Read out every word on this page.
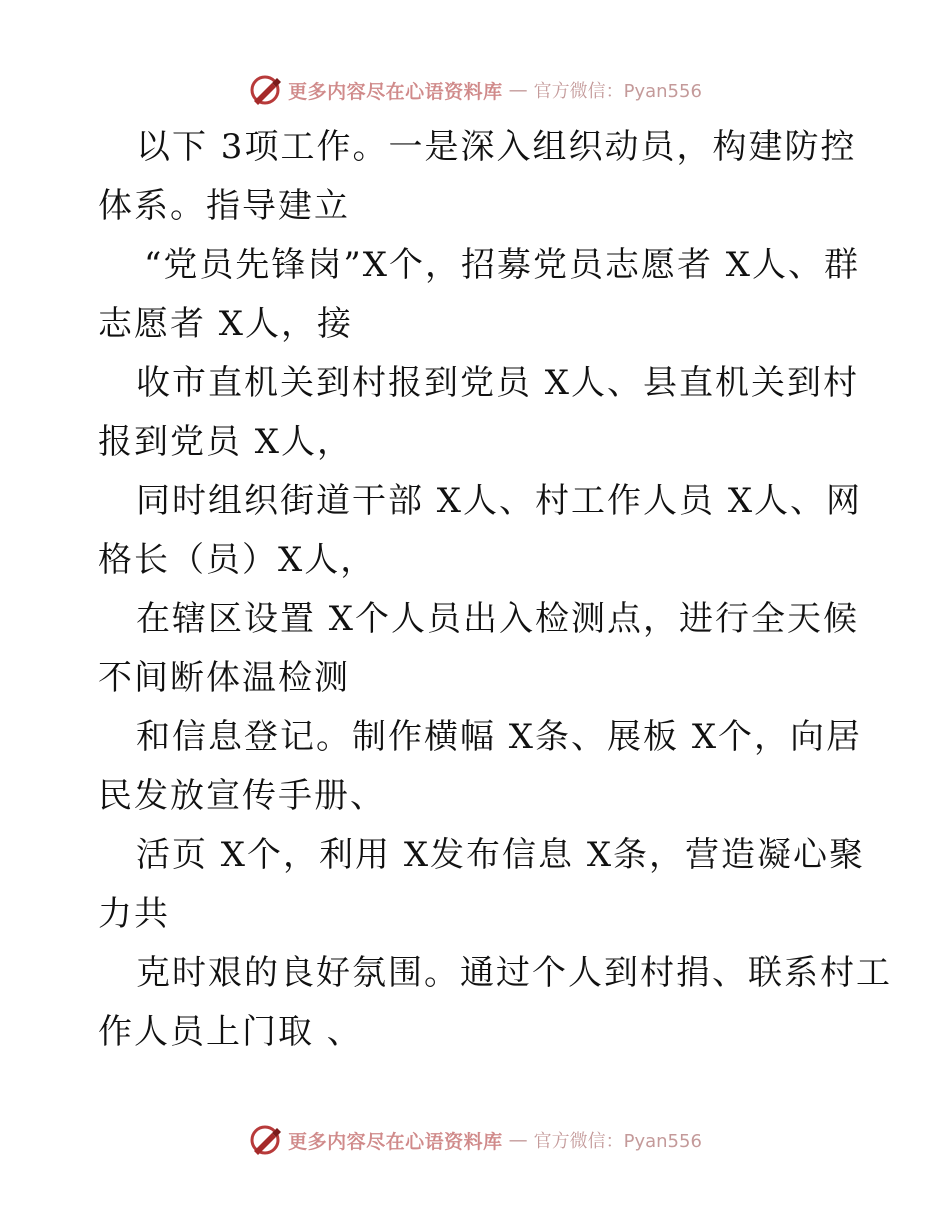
更多内容尽在心语资料库 — 官方微信：Pyan556
以下 3项工作。一是深入组织动员，构建防控
体系。指导建立
“党员先锋岗”X个，招募党员志愿者 X人、群
志愿者 X人，接
收市直机关到村报到党员 X人、县直机关到村
报到党员 X人，
同时组织街道干部 X人、村工作人员 X人、网
格长（员）X人，
在辖区设置 X个人员出入检测点，进行全天候
不间断体温检测
和信息登记。制作横幅 X条、展板 X个，向居
民发放宣传手册、
活页 X个，利用 X发布信息 X条，营造凝心聚
力共
克时艰的良好氛围。通过个人到村捐、联系村工
作人员上门取 、
更多内容尽在心语资料库 — 官方微信：Pyan556
